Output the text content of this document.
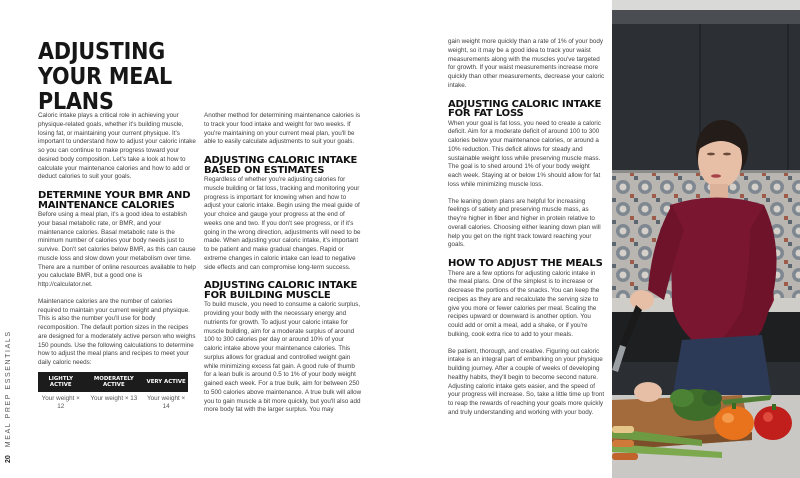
20
MEAL PREP ESSENTIALS
ADJUSTING YOUR MEAL PLANS

Caloric intake plays a critical role in achieving your physique-related goals, whether it's building muscle, losing fat, or maintaining your current physique. It's important to understand how to adjust your caloric intake so you can continue to make progress toward your desired body composition. Let's take a look at how to calculate your maintenance calories and how to add or deduct calories to suit your goals.

DETERMINE YOUR BMR AND MAINTENANCE CALORIES

Before using a meal plan, it's a good idea to establish your basal metabolic rate, or BMR, and your maintenance calories. Basal metabolic rate is the minimum number of calories your body needs just to survive. Don't set calories below BMR, as this can cause muscle loss and slow down your metabolism over time. There are a number of online resources available to help you caluclate BMR, but a good one is http://calculator.net.

Maintenance calories are the number of calories required to maintain your current weight and physique. This is also the number you'll use for body recomposition. The default portion sizes in the recipes are designed for a moderately active person who weighs 150 pounds. Use the following calculations to determine how to adjust the meal plans and recipes to meet your daily caloric needs:

LIGHTLY ACTIVE	MODERATELY ACTIVE	VERY ACTIVE
Your weight × 12	Your weight × 13	Your weight × 14

Another method for determining maintenance calories is to track your food intake and weight for two weeks. If you're maintaining on your current meal plan, you'll be able to easily calculate adjustments to suit your goals.

ADJUSTING CALORIC INTAKE BASED ON ESTIMATES

Regardless of whether you're adjusting calories for muscle building or fat loss, tracking and monitoring your progress is important for knowing when and how to adjust your caloric intake. Begin using the meal guide of your choice and gauge your progress at the end of weeks one and two. If you don't see progress, or if it's going in the wrong direction, adjustments will need to be made. When adjusting your caloric intake, it's important to be patient and make gradual changes. Rapid or extreme changes in caloric intake can lead to negative side effects and can compromise long-term success.

ADJUSTING CALORIC INTAKE FOR BUILDING MUSCLE

To build muscle, you need to consume a caloric surplus, providing your body with the necessary energy and nutrients for growth. To adjust your caloric intake for muscle building, aim for a moderate surplus of around 100 to 300 calories per day or around 10% of your caloric intake above your maintenance calories. This surplus allows for gradual and controlled weight gain while minimizing excess fat gain. A good rule of thumb for a lean bulk is around 0.5 to 1% of your body weight gained each week. For a true bulk, aim for between 250 to 500 calories above maintenance. A true bulk will allow you to gain muscle a bit more quickly, but you'll also add more body fat with the larger surplus. You may

gain weight more quickly than a rate of 1% of your body weight, so it may be a good idea to track your waist measurements along with the muscles you've targeted for growth. If your waist measurements increase more quickly than other measurements, decrease your caloric intake.

ADJUSTING CALORIC INTAKE FOR FAT LOSS

When your goal is fat loss, you need to create a caloric deficit. Aim for a moderate deficit of around 100 to 300 calories below your maintenance calories, or around a 10% reduction. This deficit allows for steady and sustainable weight loss while preserving muscle mass. The goal is to shed around 1% of your body weight each week. Staying at or below 1% should allow for fat loss while minimizing muscle loss.

The leaning down plans are helpful for increasing feelings of satiety and preserving muscle mass, as they're higher in fiber and higher in protein relative to overall calories. Choosing either leaning down plan will help you get on the right track toward reaching your goals.

HOW TO ADJUST THE MEALS

There are a few options for adjusting caloric intake in the meal plans. One of the simplest is to increase or decrease the portions of the snacks. You can keep the recipes as they are and recalculate the serving size to give you more or fewer calories per meal. Scaling the recipes upward or downward is another option. You could add or omit a meal, add a shake, or if you're bulking, cook extra rice to add to your meals.

Be patient, thorough, and creative. Figuring out caloric intake is an integral part of embarking on your physique building journey. After a couple of weeks of developing healthy habits, they'll begin to become second nature. Adjusting caloric intake gets easier, and the speed of your progress will increase. So, take a little time up front to reap the rewards of reaching your goals more quickly and truly understanding and working with your body.
